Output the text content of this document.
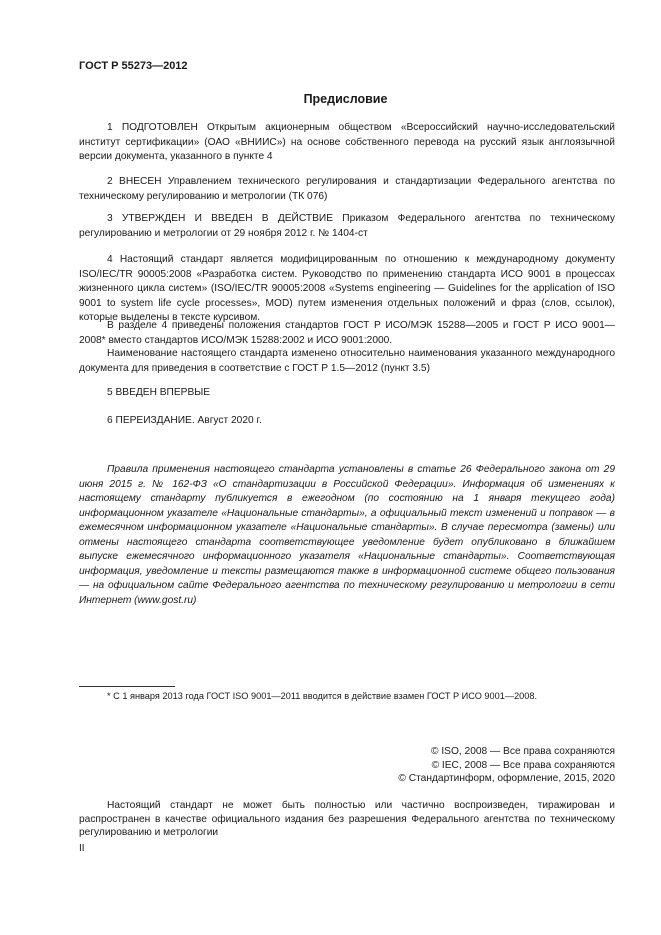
ГОСТ Р 55273—2012
Предисловие
1 ПОДГОТОВЛЕН Открытым акционерным обществом «Всероссийский научно-исследовательский институт сертификации» (ОАО «ВНИИС») на основе собственного перевода на русский язык англоязычной версии документа, указанного в пункте 4
2 ВНЕСЕН Управлением технического регулирования и стандартизации Федерального агентства по техническому регулированию и метрологии (ТК 076)
3 УТВЕРЖДЕН И ВВЕДЕН В ДЕЙСТВИЕ Приказом Федерального агентства по техническому регулированию и метрологии от 29 ноября 2012 г. № 1404-ст
4 Настоящий стандарт является модифицированным по отношению к международному документу ISO/IEC/TR 90005:2008 «Разработка систем. Руководство по применению стандарта ИСО 9001 в процессах жизненного цикла систем» (ISO/IEC/TR 90005:2008 «Systems engineering — Guidelines for the application of ISO 9001 to system life cycle processes», MOD) путем изменения отдельных положений и фраз (слов, ссылок), которые выделены в тексте курсивом.
В разделе 4 приведены положения стандартов ГОСТ Р ИСО/МЭК 15288—2005 и ГОСТ Р ИСО 9001—2008* вместо стандартов ИСО/МЭК 15288:2002 и ИСО 9001:2000.
Наименование настоящего стандарта изменено относительно наименования указанного международного документа для приведения в соответствие с ГОСТ Р 1.5—2012 (пункт 3.5)
5 ВВЕДЕН ВПЕРВЫЕ
6 ПЕРЕИЗДАНИЕ. Август 2020 г.
Правила применения настоящего стандарта установлены в статье 26 Федерального закона от 29 июня 2015 г. № 162-ФЗ «О стандартизации в Российской Федерации». Информация об изменениях к настоящему стандарту публикуется в ежегодном (по состоянию на 1 января текущего года) информационном указателе «Национальные стандарты», а официальный текст изменений и поправок — в ежемесячном информационном указателе «Национальные стандарты». В случае пересмотра (замены) или отмены настоящего стандарта соответствующее уведомление будет опубликовано в ближайшем выпуске ежемесячного информационного указателя «Национальные стандарты». Соответствующая информация, уведомление и тексты размещаются также в информационной системе общего пользования — на официальном сайте Федерального агентства по техническому регулированию и метрологии в сети Интернет (www.gost.ru)
* С 1 января 2013 года ГОСТ ISO 9001—2011 вводится в действие взамен ГОСТ Р ИСО 9001—2008.
© ISO, 2008 — Все права сохраняются
© IEC, 2008 — Все права сохраняются
© Стандартинформ, оформление, 2015, 2020
Настоящий стандарт не может быть полностью или частично воспроизведен, тиражирован и распространен в качестве официального издания без разрешения Федерального агентства по техническому регулированию и метрологии
II
